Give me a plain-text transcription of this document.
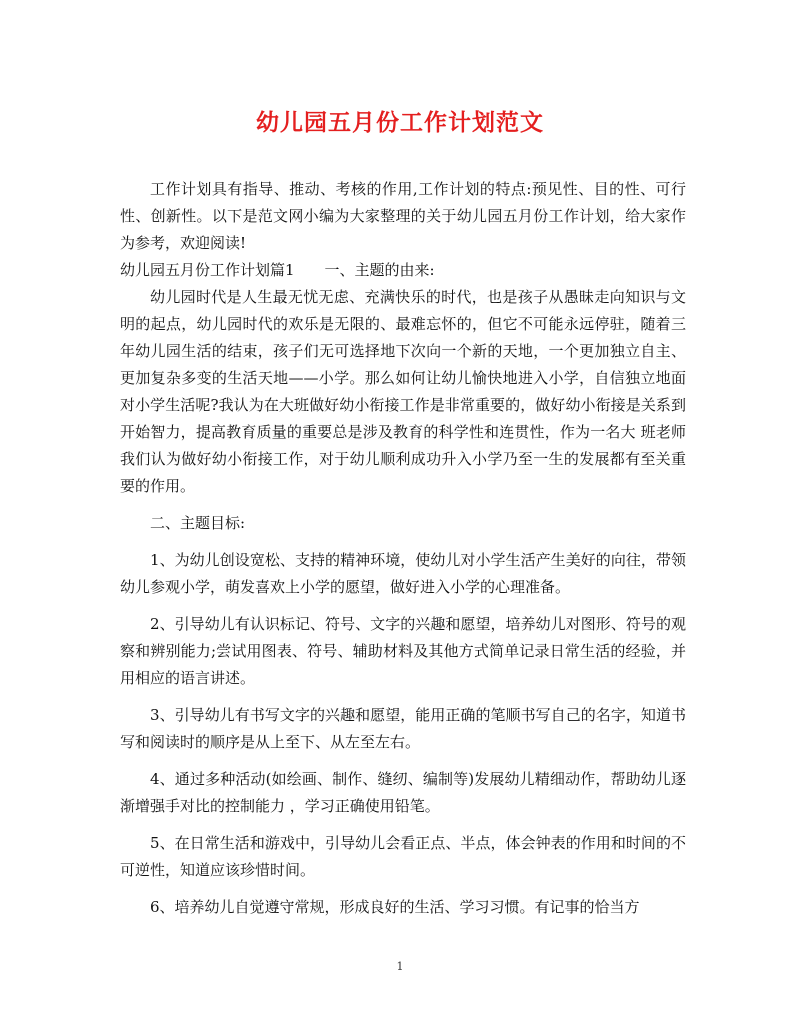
幼儿园五月份工作计划范文

工作计划具有指导、推动、考核的作用,工作计划的特点:预见性、目的性、可行性、创新性。以下是范文网小编为大家整理的关于幼儿园五月份工作计划，给大家作为参考，欢迎阅读!

幼儿园五月份工作计划篇1　　一、主题的由来:

幼儿园时代是人生最无忧无虑、充满快乐的时代，也是孩子从愚昧走向知识与文明的起点，幼儿园时代的欢乐是无限的、最难忘怀的，但它不可能永远停驻，随着三年幼儿园生活的结束，孩子们无可选择地下次向一个新的天地，一个更加独立自主、更加复杂多变的生活天地——小学。那么如何让幼儿愉快地进入小学，自信独立地面对小学生活呢?我认为在大班做好幼小衔接工作是非常重要的，做好幼小衔接是关系到开始智力，提高教育质量的重要总是涉及教育的科学性和连贯性，作为一名大 班老师我们认为做好幼小衔接工作，对于幼儿顺利成功升入小学乃至一生的发展都有至关重要的作用。

二、主题目标:

1、为幼儿创设宽松、支持的精神环境，使幼儿对小学生活产生美好的向往，带领幼儿参观小学，萌发喜欢上小学的愿望，做好进入小学的心理准备。

2、引导幼儿有认识标记、符号、文字的兴趣和愿望，培养幼儿对图形、符号的观察和辨别能力;尝试用图表、符号、辅助材料及其他方式简单记录日常生活的经验，并用相应的语言讲述。

3、引导幼儿有书写文字的兴趣和愿望，能用正确的笔顺书写自己的名字，知道书写和阅读时的顺序是从上至下、从左至左右。

4、通过多种活动(如绘画、制作、缝纫、编制等)发展幼儿精细动作，帮助幼儿逐渐增强手对比的控制能力 ，学习正确使用铅笔。

5、在日常生活和游戏中，引导幼儿会看正点、半点，体会钟表的作用和时间的不可逆性，知道应该珍惜时间。

6、培养幼儿自觉遵守常规，形成良好的生活、学习习惯。有记事的恰当方

1
